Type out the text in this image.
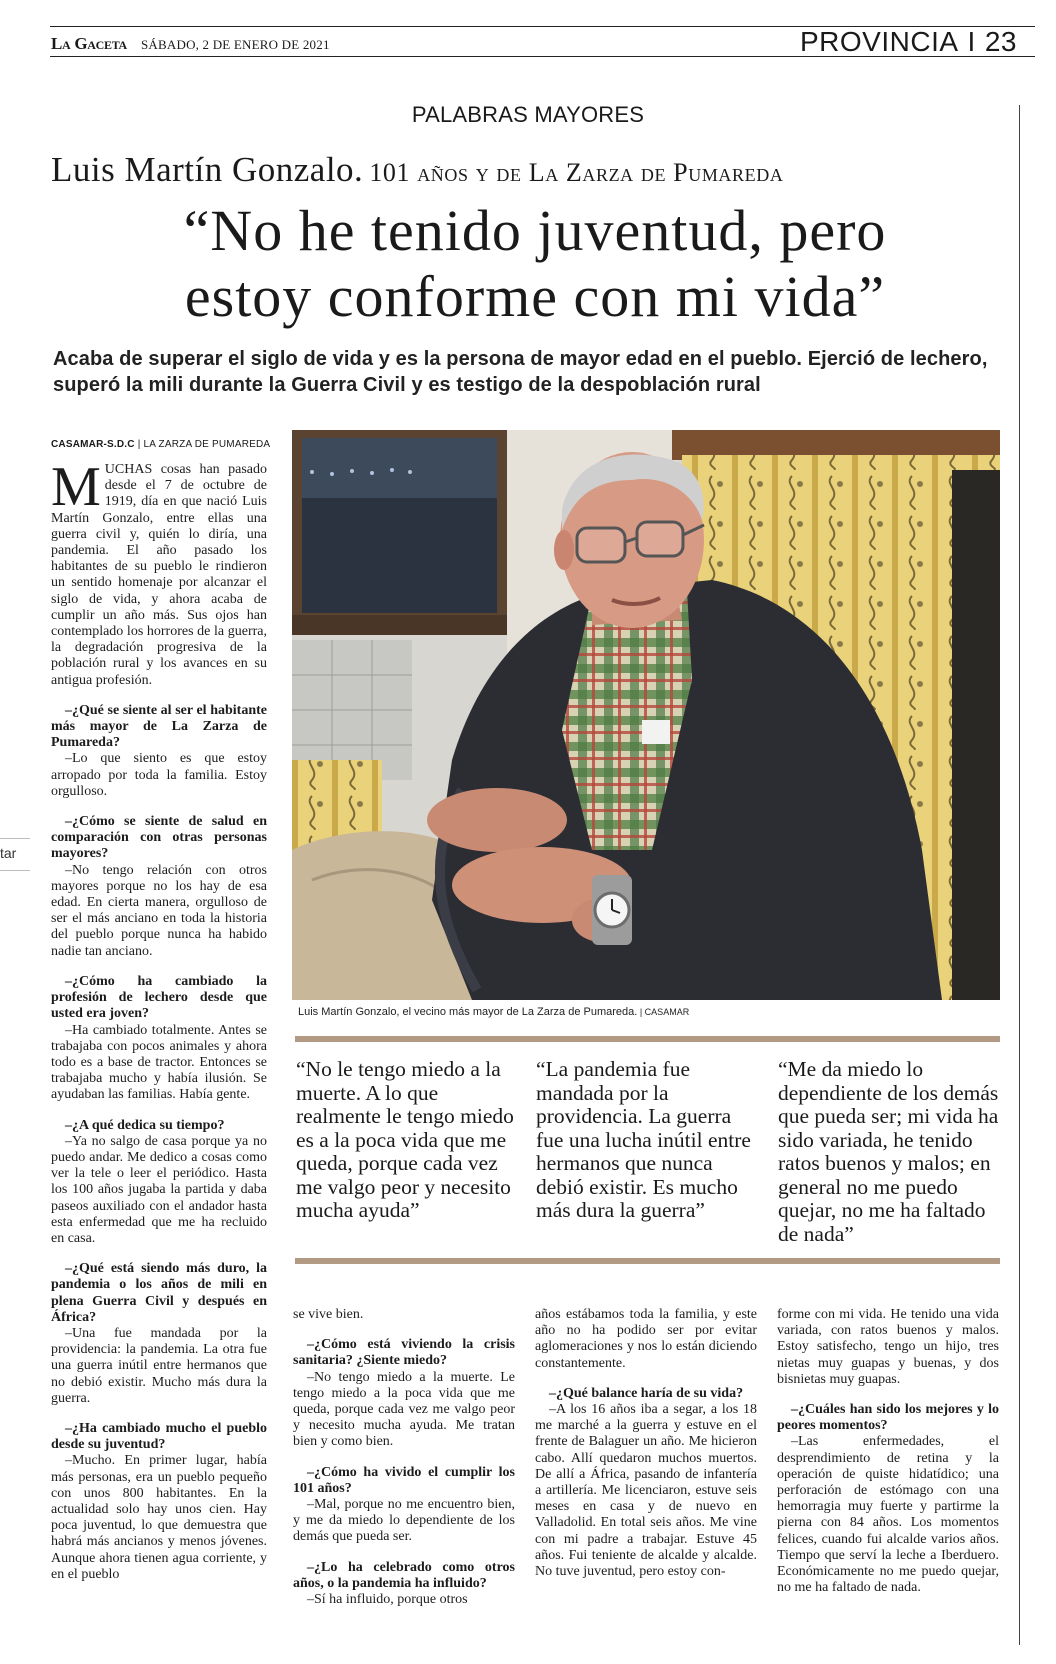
La Gaceta SÁBADO, 2 DE ENERO DE 2021	PROVINCIA I 23
PALABRAS MAYORES
Luis Martín Gonzalo. 101 años y de La Zarza de Pumareda
“No he tenido juventud, pero
estoy conforme con mi vida”
Acaba de superar el siglo de vida y es la persona de mayor edad en el pueblo. Ejerció de lechero, superó la mili durante la Guerra Civil y es testigo de la despoblación rural
CASAMAR-S.D.C | LA ZARZA DE PUMAREDA

MUCHAS cosas han pasado desde el 7 de octubre de 1919, día en que nació Luis Martín Gonzalo, entre ellas una guerra civil y, quién lo diría, una pandemia. El año pasado los habitantes de su pueblo le rindieron un sentido homenaje por alcanzar el siglo de vida, y ahora acaba de cumplir un año más. Sus ojos han contemplado los horrores de la guerra, la degradación progresiva de la población rural y los avances en su antigua profesión.

–¿Qué se siente al ser el habitante más mayor de La Zarza de Pumareda?

–Lo que siento es que estoy arropado por toda la familia. Estoy orgulloso.

–¿Cómo se siente de salud en comparación con otras personas mayores?

–No tengo relación con otros mayores porque no los hay de esa edad. En cierta manera, orgulloso de ser el más anciano en toda la historia del pueblo porque nunca ha habido nadie tan anciano.

–¿Cómo ha cambiado la profesión de lechero desde que usted era joven?

–Ha cambiado totalmente. Antes se trabajaba con pocos animales y ahora todo es a base de tractor. Entonces se trabajaba mucho y había ilusión. Se ayudaban las familias. Había gente.

–¿A qué dedica su tiempo?

–Ya no salgo de casa porque ya no puedo andar. Me dedico a cosas como ver la tele o leer el periódico. Hasta los 100 años jugaba la partida y daba paseos auxiliado con el andador hasta esta enfermedad que me ha recluido en casa.

–¿Qué está siendo más duro, la pandemia o los años de mili en plena Guerra Civil y después en África?

–Una fue mandada por la providencia: la pandemia. La otra fue una guerra inútil entre hermanos que no debió existir. Mucho más dura la guerra.

–¿Ha cambiado mucho el pueblo desde su juventud?

–Mucho. En primer lugar, había más personas, era un pueblo pequeño con unos 800 habitantes. En la actualidad solo hay unos cien. Hay poca juventud, lo que demuestra que habrá más ancianos y menos jóvenes. Aunque ahora tienen agua corriente, y en el pueblo

Luis Martín Gonzalo, el vecino más mayor de La Zarza de Pumareda. | CASAMAR
“No le tengo miedo a la muerte. A lo que realmente le tengo miedo es a la poca vida que me queda, porque cada vez me valgo peor y necesito mucha ayuda”
“La pandemia fue mandada por la providencia. La guerra fue una lucha inútil entre hermanos que nunca debió existir. Es mucho más dura la guerra”
“Me da miedo lo dependiente de los demás que pueda ser; mi vida ha sido variada, he tenido ratos buenos y malos; en general no me puedo quejar, no me ha faltado de nada”

se vive bien.

–¿Cómo está viviendo la crisis sanitaria? ¿Siente miedo?

–No tengo miedo a la muerte. Le tengo miedo a la poca vida que me queda, porque cada vez me valgo peor y necesito mucha ayuda. Me tratan bien y como bien.

–¿Cómo ha vivido el cumplir los 101 años?

–Mal, porque no me encuentro bien, y me da miedo lo dependiente de los demás que pueda ser.

–¿Lo ha celebrado como otros años, o la pandemia ha influido?

–Sí ha influido, porque otros

años estábamos toda la familia, y este año no ha podido ser por evitar aglomeraciones y nos lo están diciendo constantemente.

–¿Qué balance haría de su vida?

–A los 16 años iba a segar, a los 18 me marché a la guerra y estuve en el frente de Balaguer un año. Me hicieron cabo. Allí quedaron muchos muertos. De allí a África, pasando de infantería a artillería. Me licenciaron, estuve seis meses en casa y de nuevo en Valladolid. En total seis años. Me vine con mi padre a trabajar. Estuve 45 años. Fui teniente de alcalde y alcalde. No tuve juventud, pero estoy con-

forme con mi vida. He tenido una vida variada, con ratos buenos y malos. Estoy satisfecho, tengo un hijo, tres nietas muy guapas y buenas, y dos bisnietas muy guapas.

–¿Cuáles han sido los mejores y lo peores momentos?

–Las enfermedades, el desprendimiento de retina y la operación de quiste hidatídico; una perforación de estómago con una hemorragia muy fuerte y partirme la pierna con 84 años. Los momentos felices, cuando fui alcalde varios años. Tiempo que serví la leche a Iberduero. Económicamente no me puedo quejar, no me ha faltado de nada.

tar
